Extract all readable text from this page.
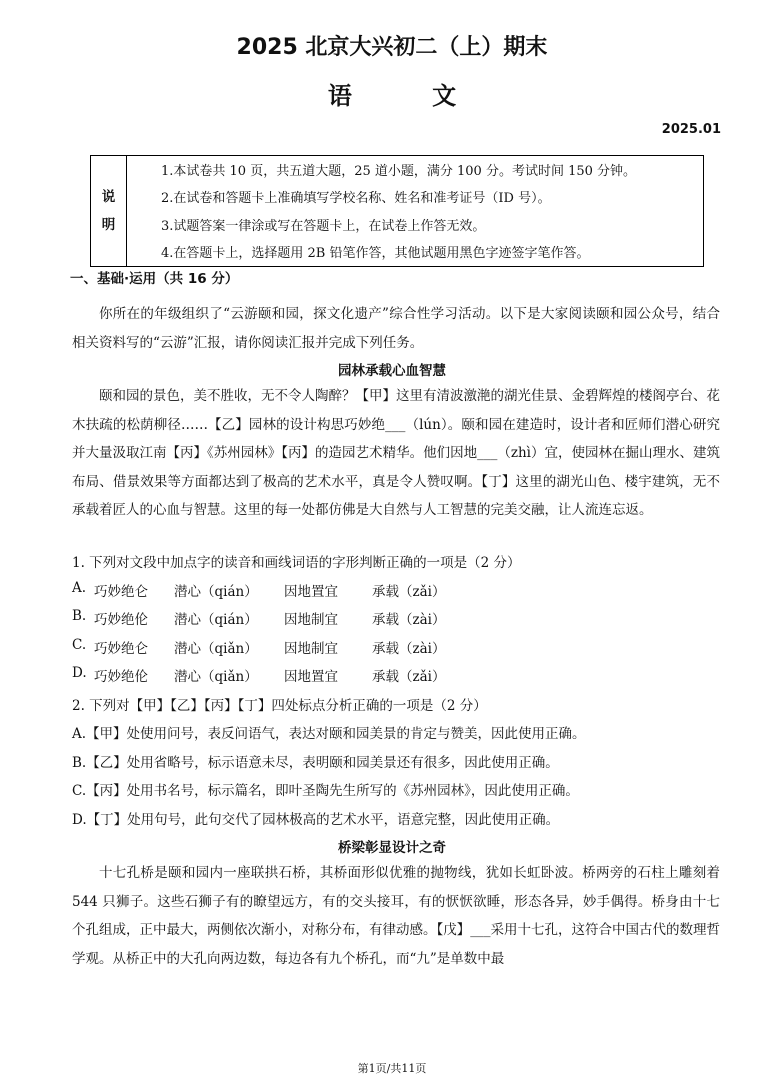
2025 北京大兴初二（上）期末
语 文
2025.01
说
明
1.本试卷共 10 页，共五道大题，25 道小题，满分 100 分。考试时间 150 分钟。
2.在试卷和答题卡上准确填写学校名称、姓名和准考证号（ID 号）。
3.试题答案一律涂或写在答题卡上，在试卷上作答无效。
4.在答题卡上，选择题用 2B 铅笔作答，其他试题用黑色字迹签字笔作答。
一、基础·运用（共 16 分）

你所在的年级组织了“云游颐和园，探文化遗产”综合性学习活动。以下是大家阅读颐和园公众号，结合相关资料写的“云游”汇报，请你阅读汇报并完成下列任务。

园林承载心血智慧

颐和园的景色，美不胜收，无不令人陶醉？【甲】这里有清波激滟的湖光佳景、金碧辉煌的楼阁亭台、花木扶疏的松荫柳径……【乙】园林的设计构思巧妙绝___（lún）。颐和园在建造时，设计者和匠师们潜心研究并大量汲取江南【丙】《苏州园林》【丙】的造园艺术精华。他们因地___（zhì）宜，使园林在掘山理水、建筑布局、借景效果等方面都达到了极高的艺术水平，真是令人赞叹啊。【丁】这里的湖光山色、楼宇建筑，无不承载着匠人的心血与智慧。这里的每一处都仿佛是大自然与人工智慧的完美交融，让人流连忘返。

1. 下列对文段中加点字的读音和画线词语的字形判断正确的一项是（2 分）
A. 巧妙绝仑 潜心（qián） 因地置宜	承载（zǎi）
B. 巧妙绝伦 潜心（qián） 因地制宜	承载（zài）
C. 巧妙绝仑 潜心（qiǎn） 因地制宜	承载（zài）
D. 巧妙绝伦 潜心（qiǎn） 因地置宜	承载（zǎi）
2. 下列对【甲】【乙】【丙】【丁】四处标点分析正确的一项是（2 分）
A.【甲】处使用问号，表反问语气，表达对颐和园美景的肯定与赞美，因此使用正确。
B.【乙】处用省略号，标示语意未尽，表明颐和园美景还有很多，因此使用正确。
C.【丙】处用书名号，标示篇名，即叶圣陶先生所写的《苏州园林》，因此使用正确。
D.【丁】处用句号，此句交代了园林极高的艺术水平，语意完整，因此使用正确。
桥梁彰显设计之奇

十七孔桥是颐和园内一座联拱石桥，其桥面形似优雅的抛物线，犹如长虹卧波。桥两旁的石柱上雕刻着 544 只狮子。这些石狮子有的瞭望远方，有的交头接耳，有的恹恹欲睡，形态各异，妙手偶得。桥身由十七个孔组成，正中最大，两侧依次渐小，对称分布，有律动感。【戊】___采用十七孔，这符合中国古代的数理哲学观。从桥正中的大孔向两边数，每边各有九个桥孔，而“九”是单数中最

第1页/共11页
